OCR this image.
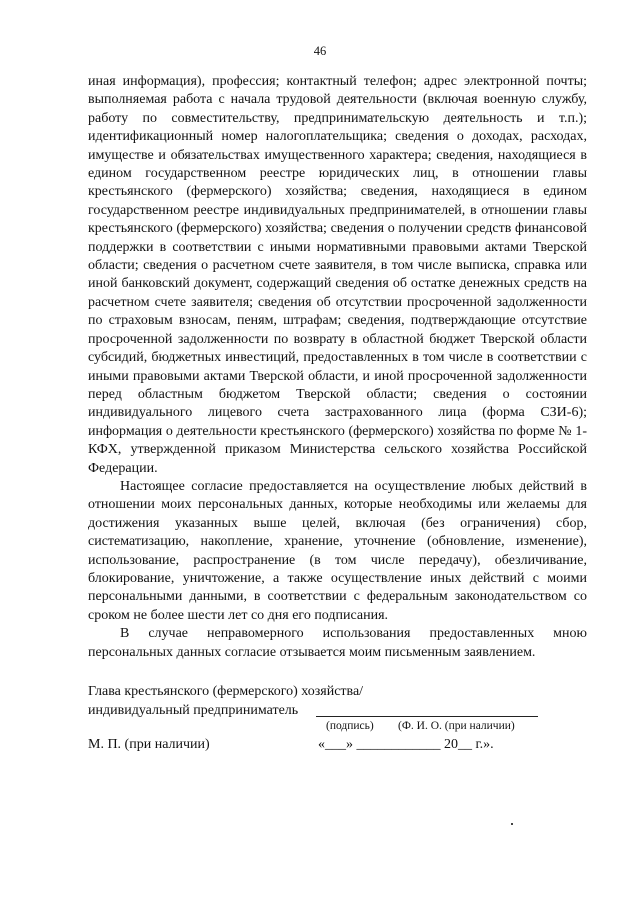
46

иная информация), профессия; контактный телефон; адрес электронной почты; выполняемая работа с начала трудовой деятельности (включая военную службу, работу по совместительству, предпринимательскую деятельность и т.п.); идентификационный номер налогоплательщика; сведения о доходах, расходах, имуществе и обязательствах имущественного характера; сведения, находящиеся в едином государственном реестре юридических лиц, в отношении главы крестьянского (фермерского) хозяйства; сведения, находящиеся в едином государственном реестре индивидуальных предпринимателей, в отношении главы крестьянского (фермерского) хозяйства; сведения о получении средств финансовой поддержки в соответствии с иными нормативными правовыми актами Тверской области; сведения о расчетном счете заявителя, в том числе выписка, справка или иной банковский документ, содержащий сведения об остатке денежных средств на расчетном счете заявителя; сведения об отсутствии просроченной задолженности по страховым взносам, пеням, штрафам; сведения, подтверждающие отсутствие просроченной задолженности по возврату в областной бюджет Тверской области субсидий, бюджетных инвестиций, предоставленных в том числе в соответствии с иными правовыми актами Тверской области, и иной просроченной задолженности перед областным бюджетом Тверской области; сведения о состоянии индивидуального лицевого счета застрахованного лица (форма СЗИ-6); информация о деятельности крестьянского (фермерского) хозяйства по форме № 1-КФХ, утвержденной приказом Министерства сельского хозяйства Российской Федерации.

Настоящее согласие предоставляется на осуществление любых действий в отношении моих персональных данных, которые необходимы или желаемы для достижения указанных выше целей, включая (без ограничения) сбор, систематизацию, накопление, хранение, уточнение (обновление, изменение), использование, распространение (в том числе передачу), обезличивание, блокирование, уничтожение, а также осуществление иных действий с моими персональными данными, в соответствии с федеральным законодательством со сроком не более шести лет со дня его подписания.

В случае неправомерного использования предоставленных мною персональных данных согласие отзывается моим письменным заявлением.

Глава крестьянского (фермерского) хозяйства/
индивидуальный предприниматель
(подпись) (Ф. И. О. (при наличии)
М. П. (при наличии)	«___» ____________ 20__ г.».
